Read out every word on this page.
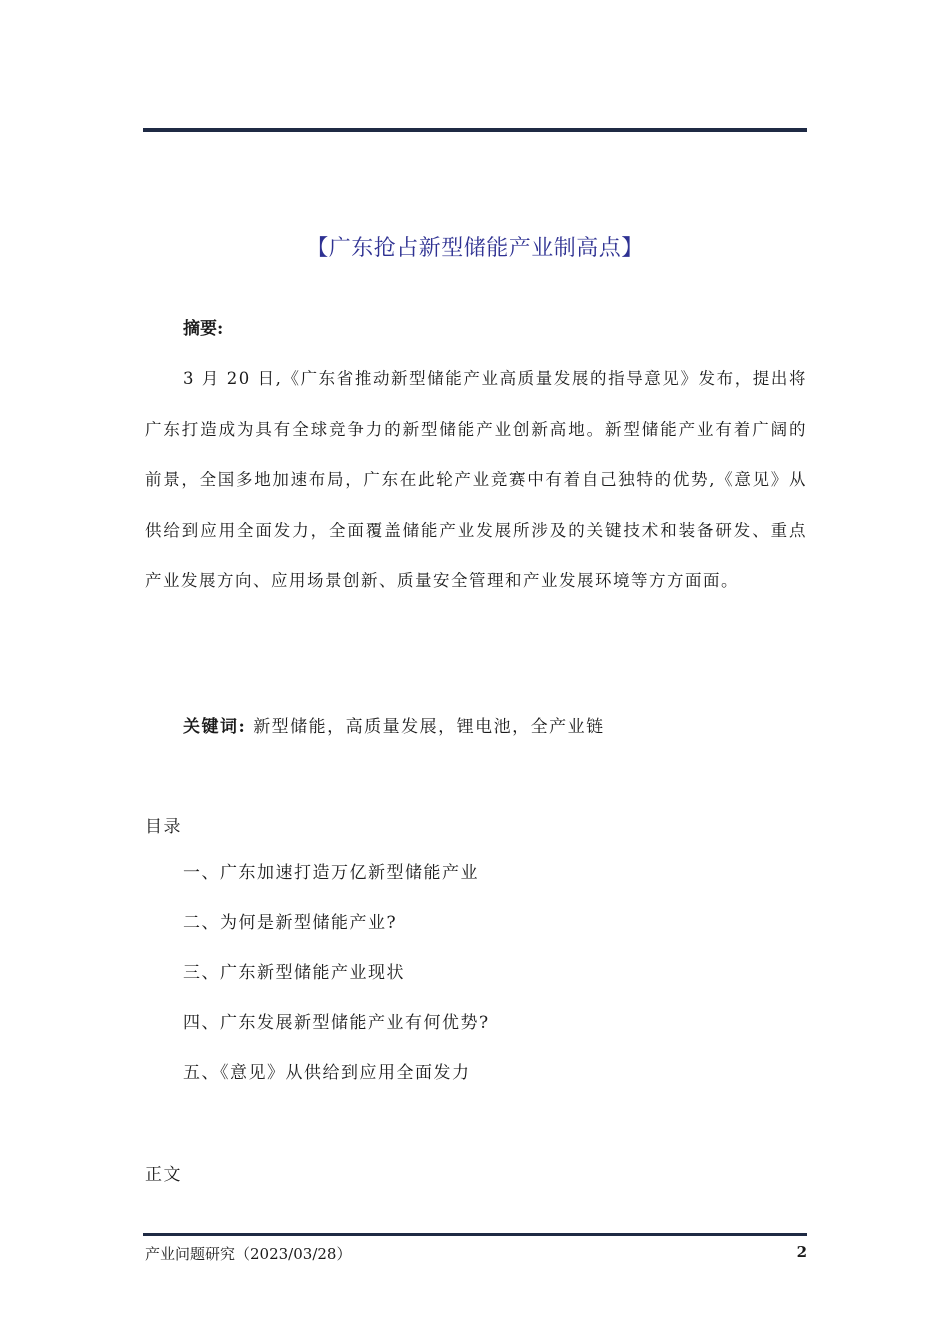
【广东抢占新型储能产业制高点】
摘要:

3 月 20 日,《广东省推动新型储能产业高质量发展的指导意见》发布，提出将广东打造成为具有全球竞争力的新型储能产业创新高地。新型储能产业有着广阔的前景，全国多地加速布局，广东在此轮产业竞赛中有着自己独特的优势,《意见》从供给到应用全面发力，全面覆盖储能产业发展所涉及的关键技术和装备研发、重点产业发展方向、应用场景创新、质量安全管理和产业发展环境等方方面面。

关键词: 新型储能，高质量发展，锂电池，全产业链
目录
一、广东加速打造万亿新型储能产业
二、为何是新型储能产业?
三、广东新型储能产业现状
四、广东发展新型储能产业有何优势?
五、《意见》从供给到应用全面发力
正文
产业问题研究（2023/03/28）	2
